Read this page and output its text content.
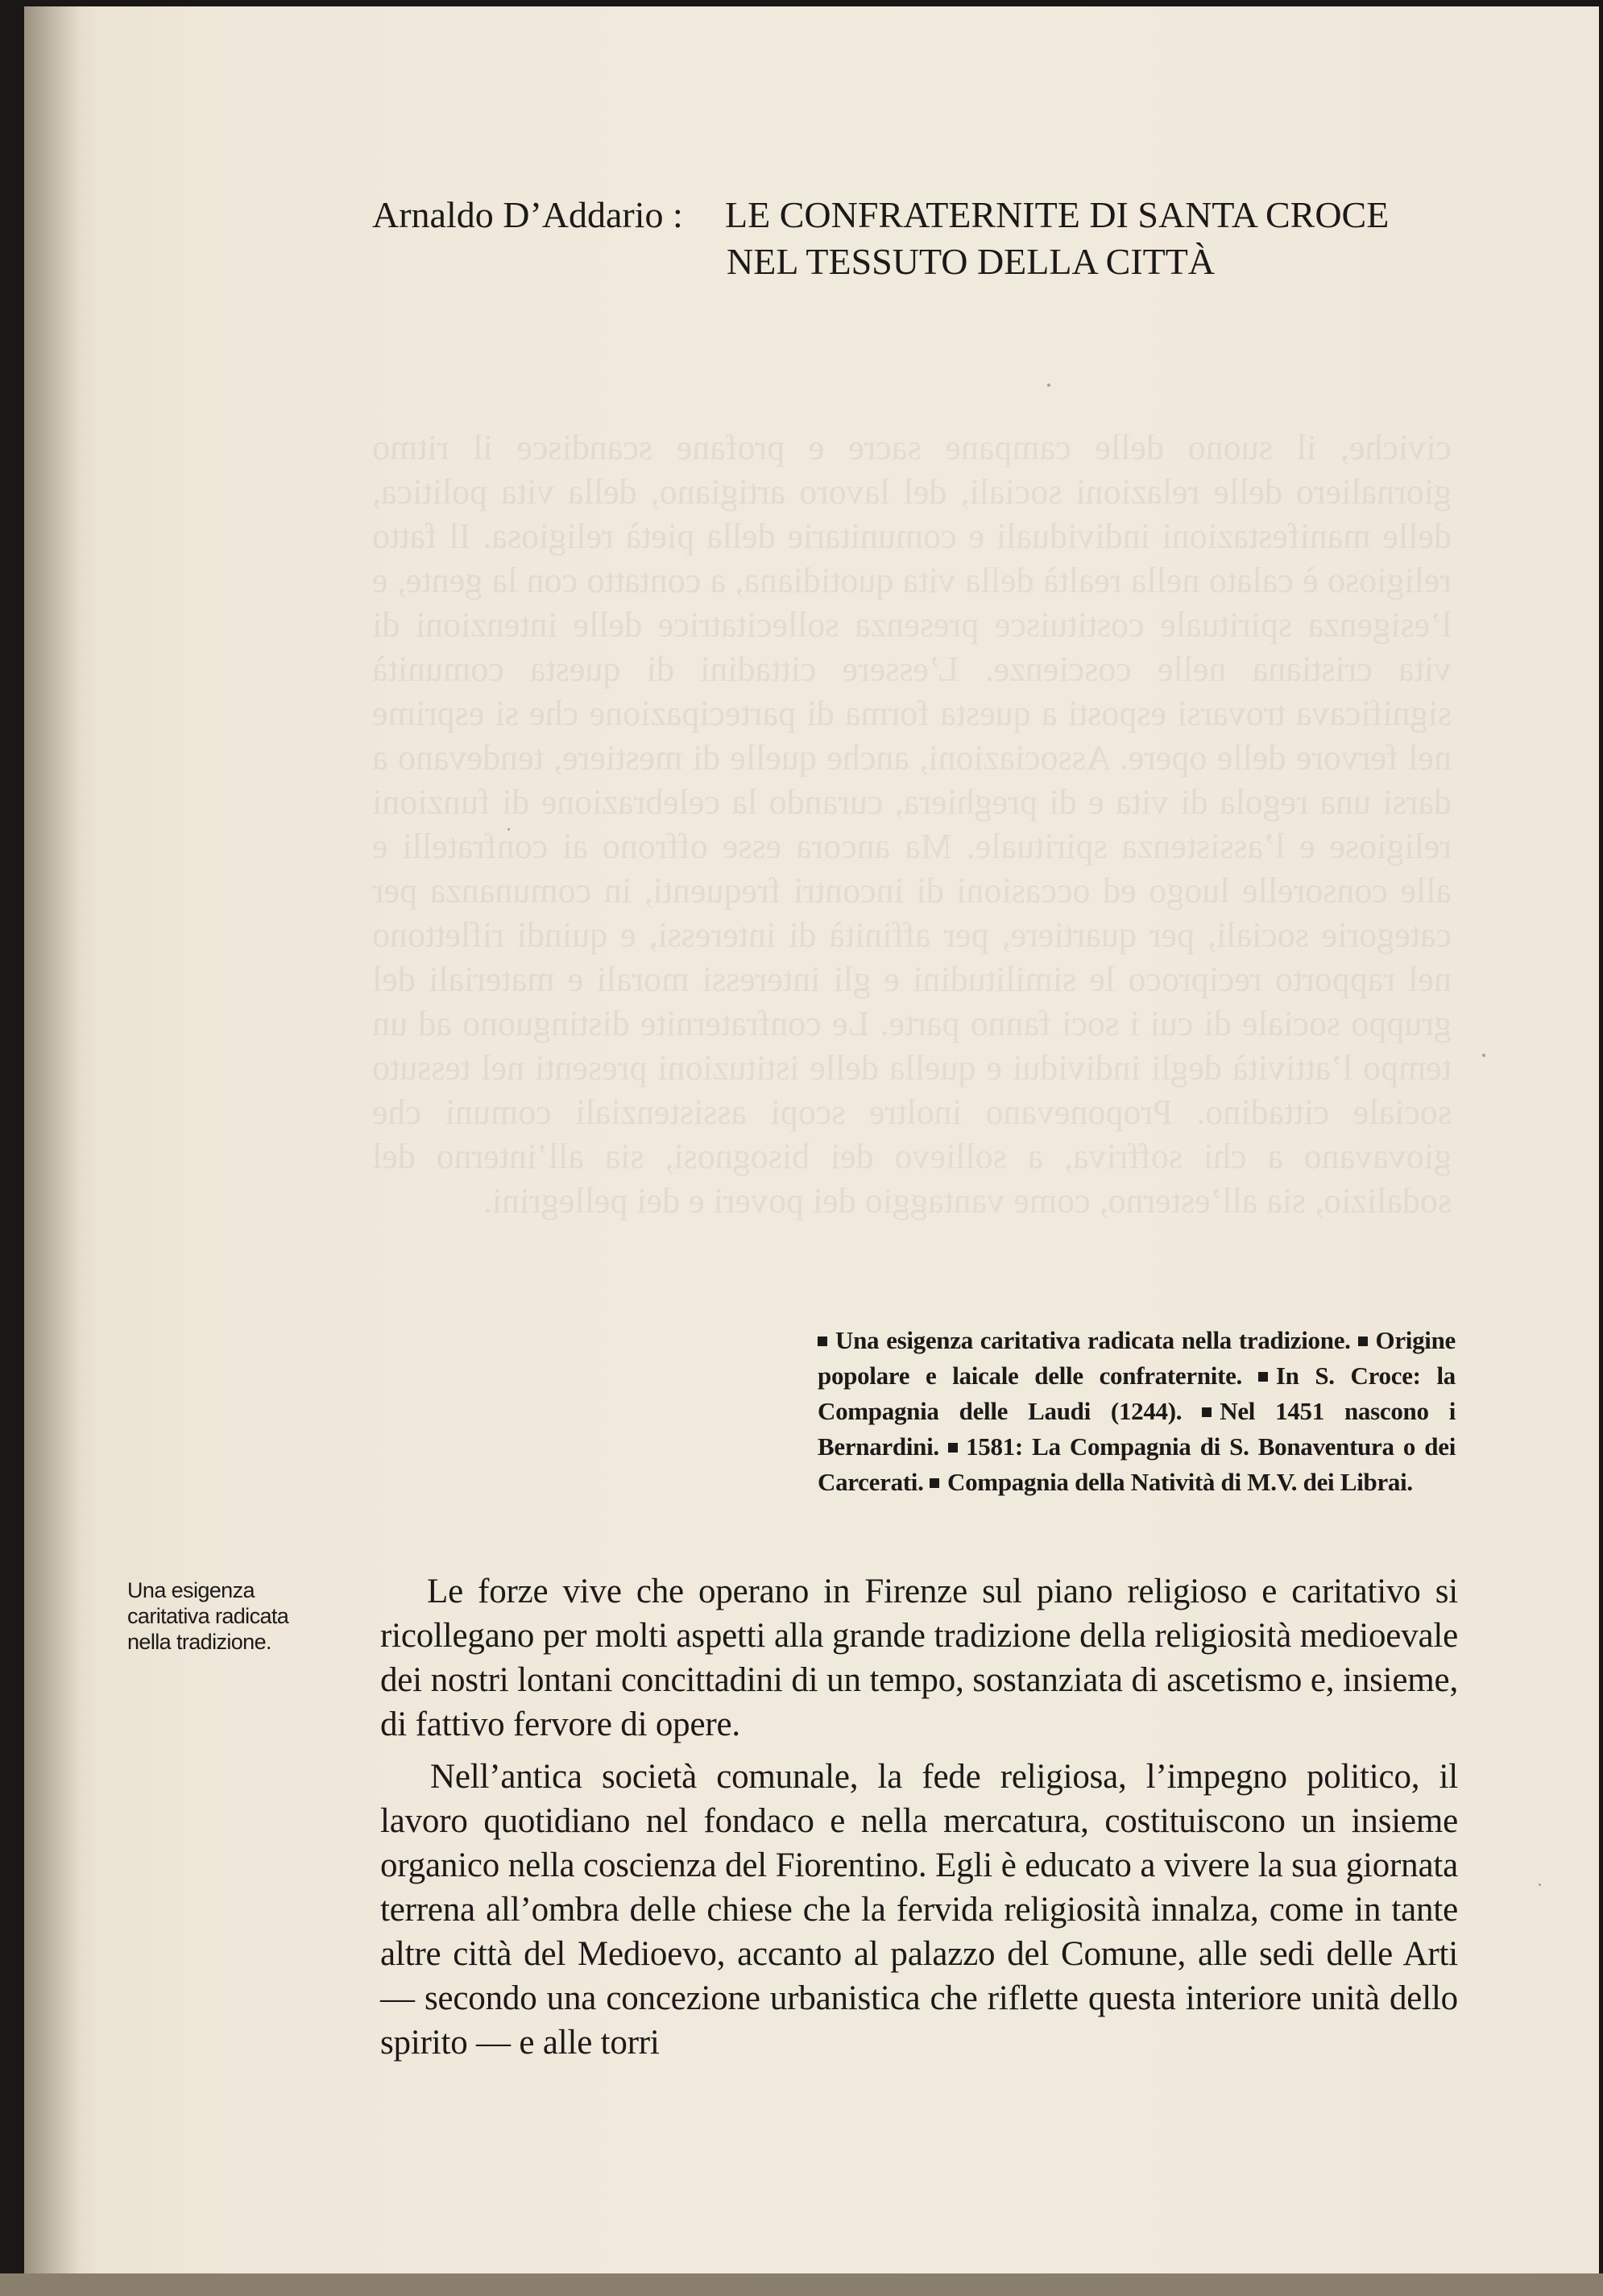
civiche, il suono delle campane sacre e profane scandisce il ritmo giornaliero delle relazioni sociali, del lavoro artigiano, della vita politica, delle manifestazioni individuali e comunitarie della pietà religiosa. Il fatto religioso è calato nella realtà della vita quotidiana, a contatto con la gente, e l’esigenza spirituale costituisce presenza sollecitatrice delle intenzioni di vita cristiana nelle coscienze. L’essere cittadini di questa comunità significava trovarsi esposti a questa forma di partecipazione che si esprime nel fervore delle opere. Associazioni, anche quelle di mestiere, tendevano a darsi una regola di vita e di preghiera, curando la celebrazione di funzioni religiose e l’assistenza spirituale. Ma ancora esse offrono ai confratelli e alle consorelle luogo ed occasioni di incontri frequenti, in comunanza per categorie sociali, per quartiere, per affinità di interessi, e quindi riflettono nel rapporto reciproco le similitudini e gli interessi morali e materiali del gruppo sociale di cui i soci fanno parte. Le confraternite distinguono ad un tempo l’attività degli individui e quella delle istituzioni presenti nel tessuto sociale cittadino. Proponevano inoltre scopi assistenziali comuni che giovavano a chi soffriva, a sollievo dei bisognosi, sia all’interno del sodalizio, sia all’esterno, come vantaggio dei poveri e dei pellegrini.
Arnaldo D’Addario : LE CONFRATERNITE DI SANTA CROCE
NEL TESSUTO DELLA CITTÀ
Una esigenza caritativa radicata nella tradizione. Origine popolare e laicale delle confraternite. In S. Croce: la Compagnia delle Laudi (1244). Nel 1451 nascono i Bernardini. 1581: La Compagnia di S. Bonaventura o dei Carcerati. Compagnia della Natività di M.V. dei Librai.
Una esigenza caritativa radicata nella tradizione.

Le forze vive che operano in Firenze sul piano religioso e caritativo si ricollegano per molti aspetti alla grande tradizione della religiosità medioevale dei nostri lontani concittadini di un tempo, sostanziata di ascetismo e, insieme, di fattivo fervore di opere.

Nell’antica società comunale, la fede religiosa, l’impegno politico, il lavoro quotidiano nel fondaco e nella mercatura, costituiscono un insieme organico nella coscienza del Fiorentino. Egli è educato a vivere la sua giornata terrena all’ombra delle chiese che la fervida religiosità innalza, come in tante altre città del Medioevo, accanto al palazzo del Comune, alle sedi delle Arti — secondo una concezione urbanistica che riflette questa interiore unità dello spirito — e alle torri
